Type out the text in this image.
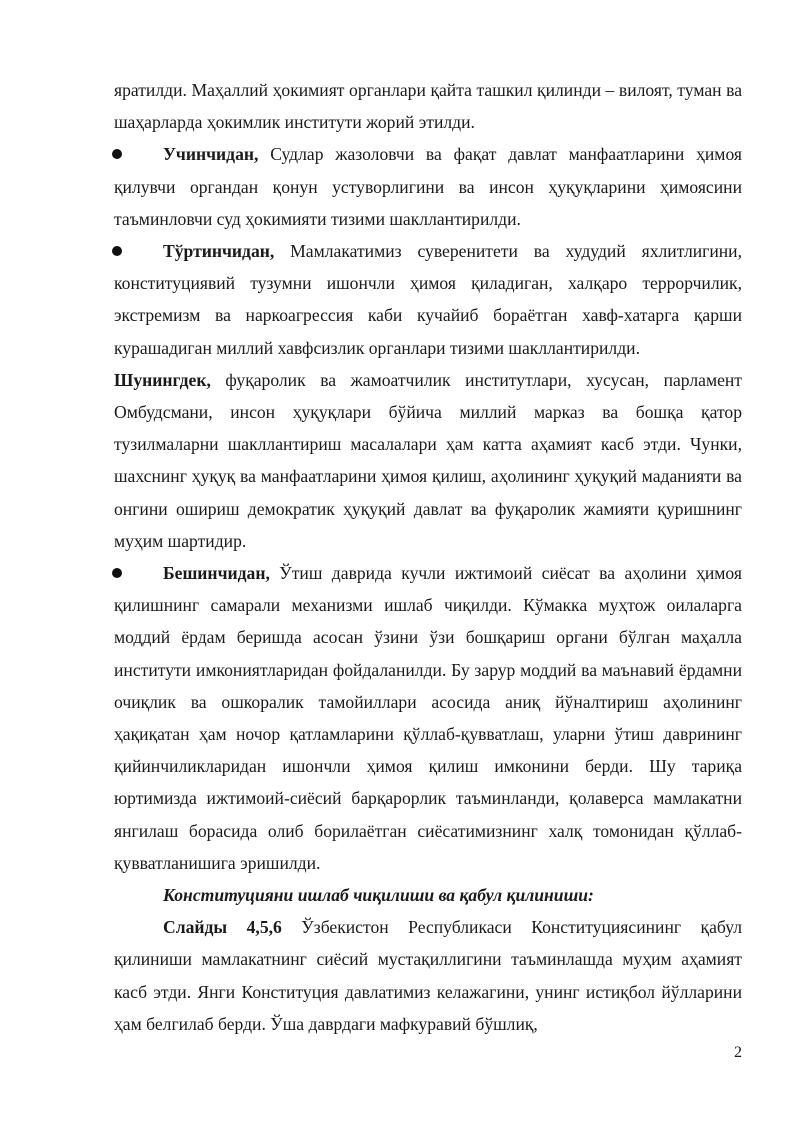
яратилди. Маҳаллий ҳокимият органлари қайта ташкил қилинди – вилоят, туман ва шаҳарларда ҳокимлик институти жорий этилди.

Учинчидан, Судлар жазоловчи ва фақат давлат манфаатларини ҳимоя қилувчи органдан қонун устуворлигини ва инсон ҳуқуқларини ҳимоясини таъминловчи суд ҳокимияти тизими шакллантирилди.

Тўртинчидан, Мамлакатимиз суверенитети ва худудий яхлитлигини, конституциявий тузумни ишончли ҳимоя қиладиган, халқаро террорчилик, экстремизм ва наркоагрессия каби кучайиб бораётган хавф-хатарга қарши курашадиган миллий хавфсизлик органлари тизими шакллантирилди.

Шунингдек, фуқаролик ва жамоатчилик институтлари, хусусан, парламент Омбудсмани, инсон ҳуқуқлари бўйича миллий марказ ва бошқа қатор тузилмаларни шакллантириш масалалари ҳам катта аҳамият касб этди. Чунки, шахснинг ҳуқуқ ва манфаатларини ҳимоя қилиш, аҳолининг ҳуқуқий маданияти ва онгини ошириш демократик ҳуқуқий давлат ва фуқаролик жамияти қуришнинг муҳим шартидир.

Бешинчидан, Ўтиш даврида кучли ижтимоий сиёсат ва аҳолини ҳимоя қилишнинг самарали механизми ишлаб чиқилди. Кўмакка муҳтож оилаларга моддий ёрдам беришда асосан ўзини ўзи бошқариш органи бўлган маҳалла институти имкониятларидан фойдаланилди. Бу зарур моддий ва маънавий ёрдамни очиқлик ва ошкоралик тамойиллари асосида аниқ йўналтириш аҳолининг ҳақиқатан ҳам ночор қатламларини қўллаб-қувватлаш, уларни ўтиш даврининг қийинчиликларидан ишончли ҳимоя қилиш имконини берди. Шу тариқа юртимизда ижтимоий-сиёсий барқарорлик таъминланди, қолаверса мамлакатни янгилаш борасида олиб борилаётган сиёсатимизнинг халқ томонидан қўллаб-қувватланишига эришилди.

Конституцияни ишлаб чиқилиши ва қабул қилиниши:

Слайды 4,5,6 Ўзбекистон Республикаси Конституциясининг қабул қилиниши мамлакатнинг сиёсий мустақиллигини таъминлашда муҳим аҳамият касб этди. Янги Конституция давлатимиз келажагини, унинг истиқбол йўлларини ҳам белгилаб берди. Ўша даврдаги мафкуравий бўшлиқ,

2
